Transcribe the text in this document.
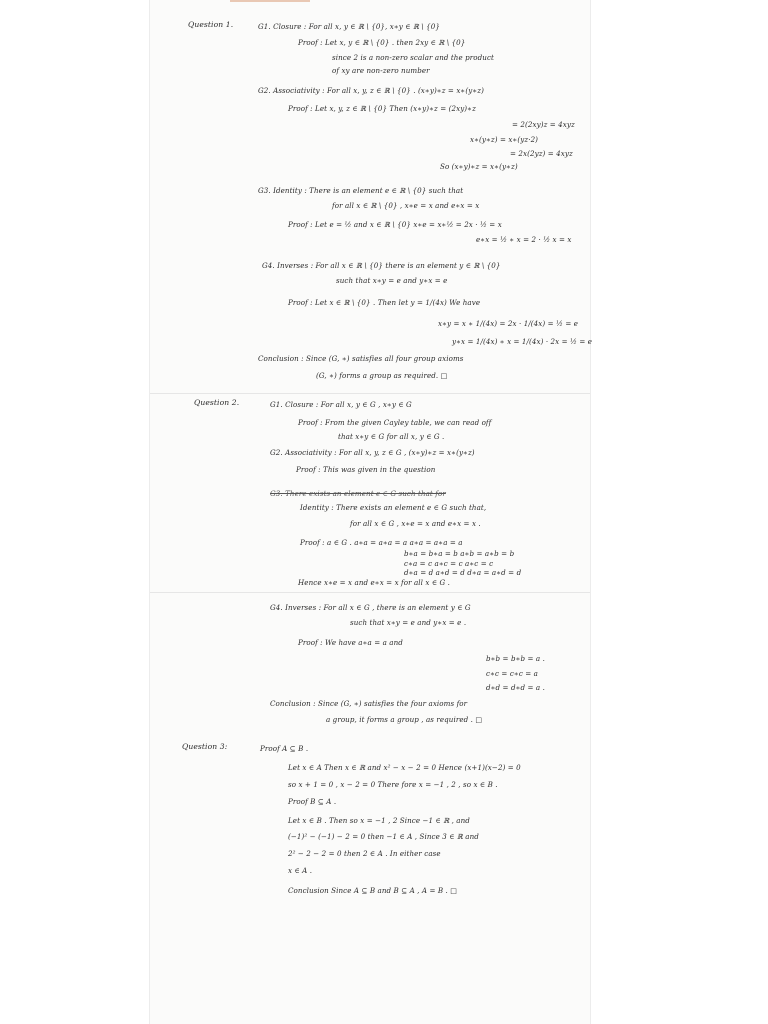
Question 1.	G1. Closure : For all x, y ∈ ℝ \ {0}, x∗y ∈ ℝ \ {0}
Proof : Let x, y ∈ ℝ \ {0} . then 2xy ∈ ℝ \ {0}
since 2 is a non-zero scalar and the product
of xy are non-zero number
G2. Associativity : For all x, y, z ∈ ℝ \ {0} . (x∗y)∗z = x∗(y∗z)
Proof : Let x, y, z ∈ ℝ \ {0} Then (x∗y)∗z = (2xy)∗z
= 2(2xy)z = 4xyz
x∗(y∗z) = x∗(yz·2)
= 2x(2yz) = 4xyz
So (x∗y)∗z = x∗(y∗z)
G3. Identity : There is an element e ∈ ℝ \ {0} such that
for all x ∈ ℝ \ {0} , x∗e = x and e∗x = x
Proof : Let e = ½ and x ∈ ℝ \ {0} x∗e = x∗½ = 2x · ½ = x
e∗x = ½ ∗ x = 2 · ½ x = x
G4. Inverses : For all x ∈ ℝ \ {0} there is an element y ∈ ℝ \ {0}
such that x∗y = e and y∗x = e
Proof : Let x ∈ ℝ \ {0} . Then let y = 1/(4x) We have
x∗y = x ∗ 1/(4x) = 2x · 1/(4x) = ½ = e
y∗x = 1/(4x) ∗ x = 1/(4x) · 2x = ½ = e
Conclusion : Since (G, ∗) satisfies all four group axioms
(G, ∗) forms a group as required. □
Question 2.	G1. Closure : For all x, y ∈ G , x∗y ∈ G
Proof : From the given Cayley table, we can read off
that x∗y ∈ G for all x, y ∈ G .
G2. Associativity : For all x, y, z ∈ G , (x∗y)∗z = x∗(y∗z)
Proof : This was given in the question
G3. There exists an element e ∈ G such that for
Identity : There exists an element e ∈ G such that,
for all x ∈ G , x∗e = x and e∗x = x .
Proof : a ∈ G . a∗a = a∗a = a a∗a = a∗a = a
b∗a = b∗a = b a∗b = a∗b = b
c∗a = c a∗c = c a∗c = c
d∗a = d a∗d = d d∗a = a∗d = d
Hence x∗e = x and e∗x = x for all x ∈ G .
G4. Inverses : For all x ∈ G , there is an element y ∈ G
such that x∗y = e and y∗x = e .
Proof : We have a∗a = a and
b∗b = b∗b = a .
c∗c = c∗c = a
d∗d = d∗d = a .
Conclusion : Since (G, ∗) satisfies the four axioms for
a group, it forms a group , as required . □
Question 3:	Proof A ⊆ B .
Let x ∈ A Then x ∈ ℝ and x² − x − 2 = 0 Hence (x+1)(x−2) = 0
so x + 1 = 0 , x − 2 = 0 There fore x = −1 , 2 , so x ∈ B .
Proof B ⊆ A .
Let x ∈ B . Then so x = −1 , 2 Since −1 ∈ ℝ , and
(−1)² − (−1) − 2 = 0 then −1 ∈ A , Since 3 ∈ ℝ and
2² − 2 − 2 = 0 then 2 ∈ A . In either case
x ∈ A .
Conclusion Since A ⊆ B and B ⊆ A , A = B . □
